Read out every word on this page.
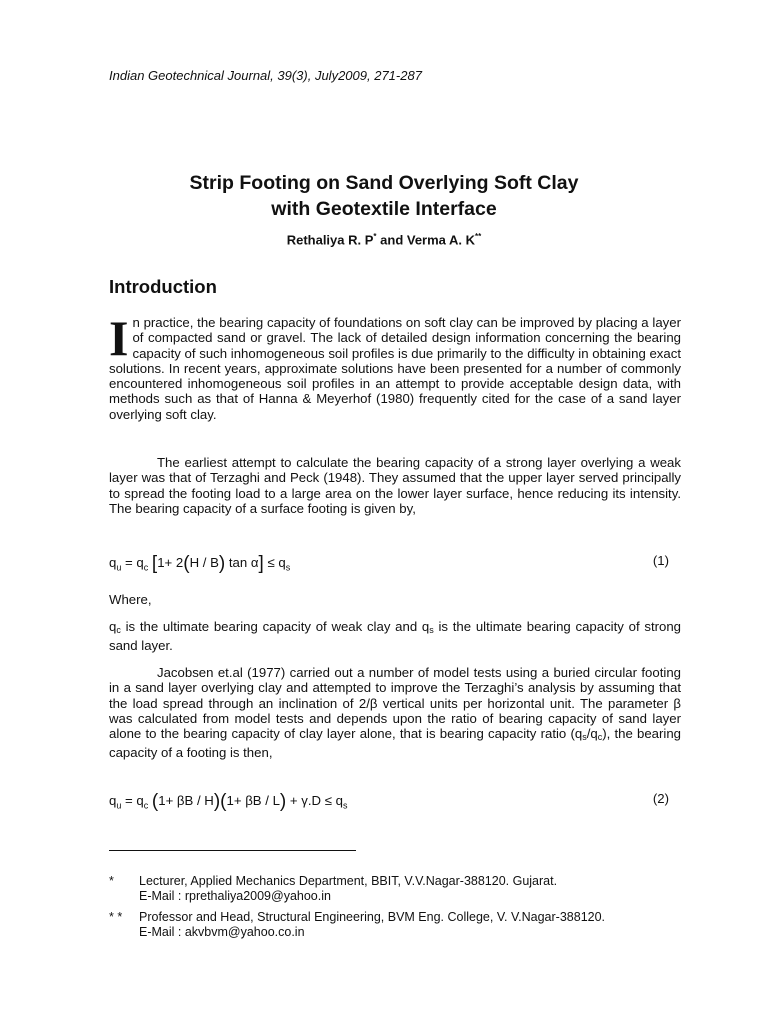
Indian Geotechnical Journal, 39(3), July2009, 271-287
Strip Footing on Sand Overlying Soft Clay
with Geotextile Interface
Rethaliya R. P* and Verma A. K**
Introduction
In practice, the bearing capacity of foundations on soft clay can be improved by placing a layer of compacted sand or gravel. The lack of detailed design information concerning the bearing capacity of such inhomogeneous soil profiles is due primarily to the difficulty in obtaining exact solutions. In recent years, approximate solutions have been presented for a number of commonly encountered inhomogeneous soil profiles in an attempt to provide acceptable design data, with methods such as that of Hanna & Meyerhof (1980) frequently cited for the case of a sand layer overlying soft clay.
The earliest attempt to calculate the bearing capacity of a strong layer overlying a weak layer was that of Terzaghi and Peck (1948). They assumed that the upper layer served principally to spread the footing load to a large area on the lower layer surface, hence reducing its intensity. The bearing capacity of a surface footing is given by,
$q_u = q_c$ [1+ 2(H / B) $\tan \alpha] \le q_s$	(1)
Where,
$q_c$ is the ultimate bearing capacity of weak clay and $q_s$ is the ultimate bearing capacity of strong sand layer.
Jacobsen et.al (1977) carried out a number of model tests using a buried circular footing in a sand layer overlying clay and attempted to improve the Terzaghi’s analysis by assuming that the load spread through an inclination of 2/β vertical units per horizontal unit. The parameter β was calculated from model tests and depends upon the ratio of bearing capacity of sand layer alone to the bearing capacity of clay layer alone, that is bearing capacity ratio $(q_s/q_c)$, the bearing capacity of a footing is then,
$q_u = q_c$ $(1+ \beta B / H)(1+ \beta B / L) + \gamma.D \le q_s$	(2)
* Lecturer, Applied Mechanics Department, BBIT, V.V.Nagar-388120. Gujarat.
E-Mail : rprethaliya2009@yahoo.in
* * Professor and Head, Structural Engineering, BVM Eng. College, V. V.Nagar-388120.
E-Mail : akvbvm@yahoo.co.in
